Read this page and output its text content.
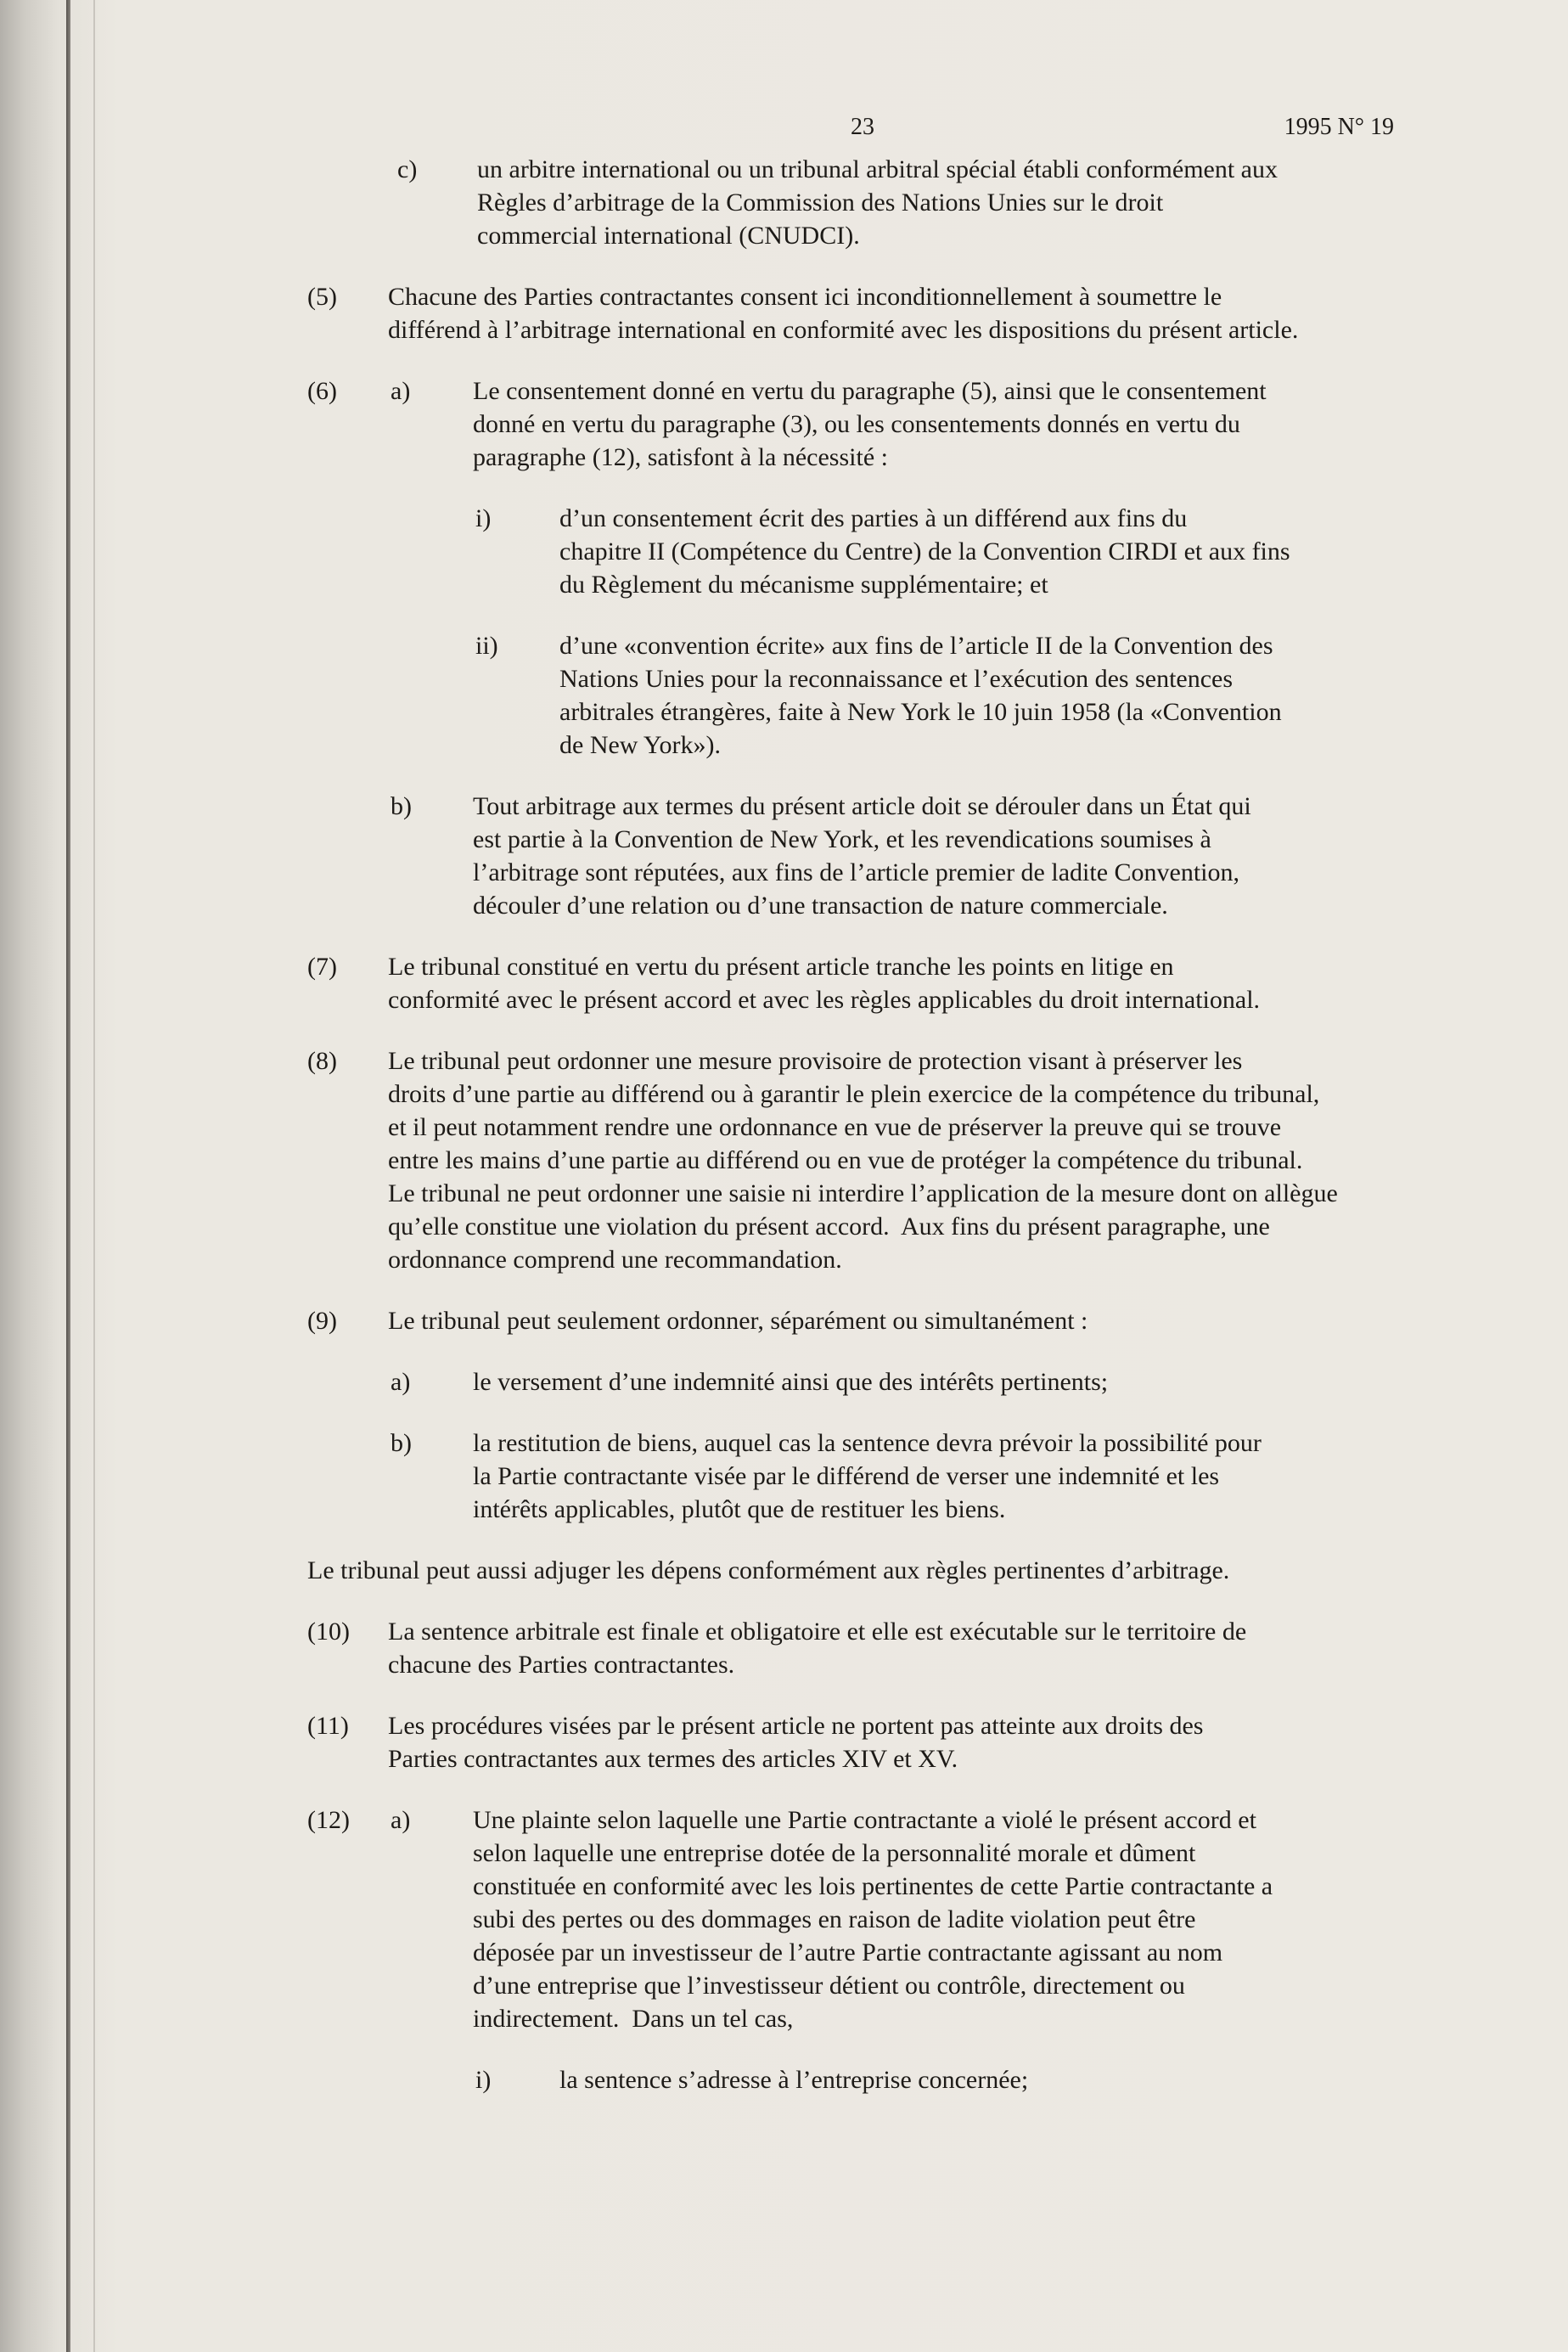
23	1995 N° 19
c) un arbitre international ou un tribunal arbitral spécial établi conformément aux
Règles d’arbitrage de la Commission des Nations Unies sur le droit
commercial international (CNUDCI).
(5)	Chacune des Parties contractantes consent ici inconditionnellement à soumettre le
différend à l’arbitrage international en conformité avec les dispositions du présent article.
(6) a) Le consentement donné en vertu du paragraphe (5), ainsi que le consentement
donné en vertu du paragraphe (3), ou les consentements donnés en vertu du
paragraphe (12), satisfont à la nécessité :
i)	d’un consentement écrit des parties à un différend aux fins du
chapitre II (Compétence du Centre) de la Convention CIRDI et aux fins
du Règlement du mécanisme supplémentaire; et
ii) d’une «convention écrite» aux fins de l’article II de la Convention des
Nations Unies pour la reconnaissance et l’exécution des sentences
arbitrales étrangères, faite à New York le 10 juin 1958 (la «Convention
de New York»).
b) Tout arbitrage aux termes du présent article doit se dérouler dans un État qui
est partie à la Convention de New York, et les revendications soumises à
l’arbitrage sont réputées, aux fins de l’article premier de ladite Convention,
découler d’une relation ou d’une transaction de nature commerciale.
(7)	Le tribunal constitué en vertu du présent article tranche les points en litige en
conformité avec le présent accord et avec les règles applicables du droit international.
(8)	Le tribunal peut ordonner une mesure provisoire de protection visant à préserver les
droits d’une partie au différend ou à garantir le plein exercice de la compétence du tribunal,
et il peut notamment rendre une ordonnance en vue de préserver la preuve qui se trouve
entre les mains d’une partie au différend ou en vue de protéger la compétence du tribunal.
Le tribunal ne peut ordonner une saisie ni interdire l’application de la mesure dont on allègue
qu’elle constitue une violation du présent accord.  Aux fins du présent paragraphe, une
ordonnance comprend une recommandation.
(9)	Le tribunal peut seulement ordonner, séparément ou simultanément :
a) le versement d’une indemnité ainsi que des intérêts pertinents;
b) la restitution de biens, auquel cas la sentence devra prévoir la possibilité pour
la Partie contractante visée par le différend de verser une indemnité et les
intérêts applicables, plutôt que de restituer les biens.
Le tribunal peut aussi adjuger les dépens conformément aux règles pertinentes d’arbitrage.
(10)	La sentence arbitrale est finale et obligatoire et elle est exécutable sur le territoire de
chacune des Parties contractantes.
(11)	Les procédures visées par le présent article ne portent pas atteinte aux droits des
Parties contractantes aux termes des articles XIV et XV.
(12) a) Une plainte selon laquelle une Partie contractante a violé le présent accord et
selon laquelle une entreprise dotée de la personnalité morale et dûment
constituée en conformité avec les lois pertinentes de cette Partie contractante a
subi des pertes ou des dommages en raison de ladite violation peut être
déposée par un investisseur de l’autre Partie contractante agissant au nom
d’une entreprise que l’investisseur détient ou contrôle, directement ou
indirectement.  Dans un tel cas,
i)	la sentence s’adresse à l’entreprise concernée;
